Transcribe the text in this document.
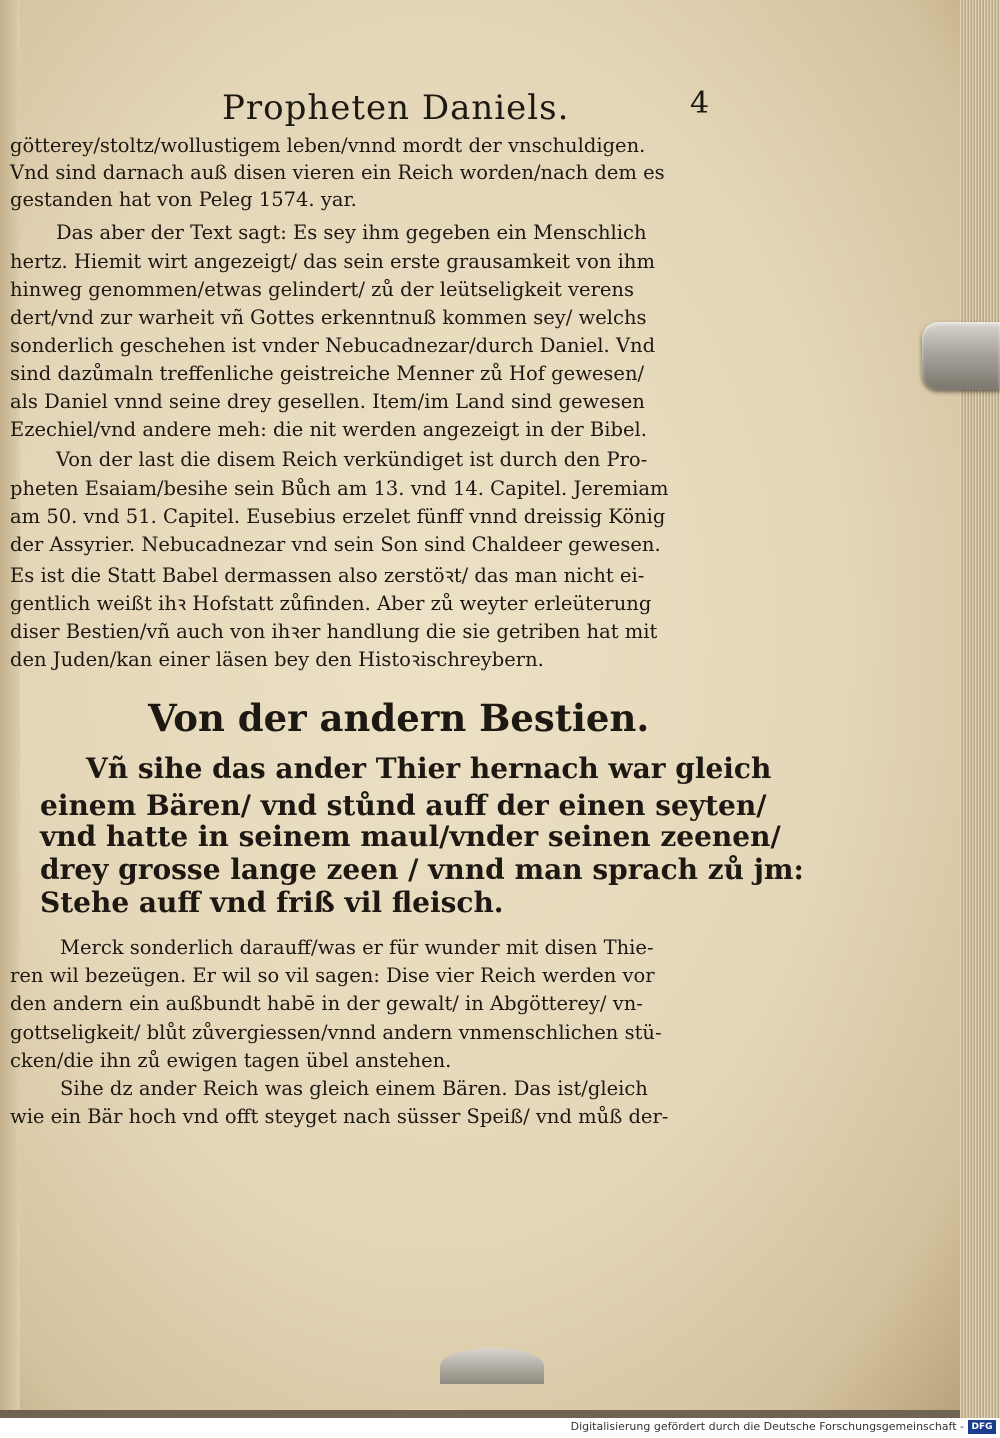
Propheten Daniels.	4
götterey/stoltz/wollustigem leben/vnnd mordt der vnschuldigen.
Vnd sind darnach auß disen vieren ein Reich worden/nach dem es
gestanden hat von Peleg 1574. yar.
Das aber der Text sagt: Es sey ihm gegeben ein Menschlich
hertz. Hiemit wirt angezeigt/ das sein erste grausamkeit von ihm
hinweg genommen/etwas gelindert/ zů der leütseligkeit verens
dert/vnd zur warheit vñ Gottes erkenntnuß kommen sey/ welchs
sonderlich geschehen ist vnder Nebucadnezar/durch Daniel. Vnd
sind dazůmaln treffenliche geistreiche Menner zů Hof gewesen/
als Daniel vnnd seine drey gesellen. Item/im Land sind gewesen
Ezechiel/vnd andere meh: die nit werden angezeigt in der Bibel.
Von der last die disem Reich verkündiget ist durch den Pro-
pheten Esaiam/besihe sein Bůch am 13. vnd 14. Capitel. Jeremiam
am 50. vnd 51. Capitel. Eusebius erzelet fünff vnnd dreissig König
der Assyrier. Nebucadnezar vnd sein Son sind Chaldeer gewesen.
Es ist die Statt Babel dermassen also zerstöꝛt/ das man nicht ei-
gentlich weißt ihꝛ Hofstatt zůfinden. Aber zů weyter erleüterung
diser Bestien/vñ auch von ihꝛer handlung die sie getriben hat mit
den Juden/kan einer läsen bey den Histoꝛischreybern.
Von der andern Bestien.
Vñ sihe das ander Thier hernach war gleich
einem Bären/ vnd stůnd auff der einen seyten/
vnd hatte in seinem maul/vnder seinen zeenen/
drey grosse lange zeen / vnnd man sprach zů jm:
Stehe auff vnd friß vil fleisch.
Merck sonderlich darauff/was er für wunder mit disen Thie-
ren wil bezeügen. Er wil so vil sagen: Dise vier Reich werden vor
den andern ein außbundt habē in der gewalt/ in Abgötterey/ vn-
gottseligkeit/ blůt zůvergiessen/vnnd andern vnmenschlichen stü-
cken/die ihn zů ewigen tagen übel anstehen.
Sihe dz ander Reich was gleich einem Bären. Das ist/gleich
wie ein Bär hoch vnd offt steyget nach süsser Speiß/ vnd můß der-
Digitalisierung gefördert durch die Deutsche Forschungsgemeinschaft - DFG
